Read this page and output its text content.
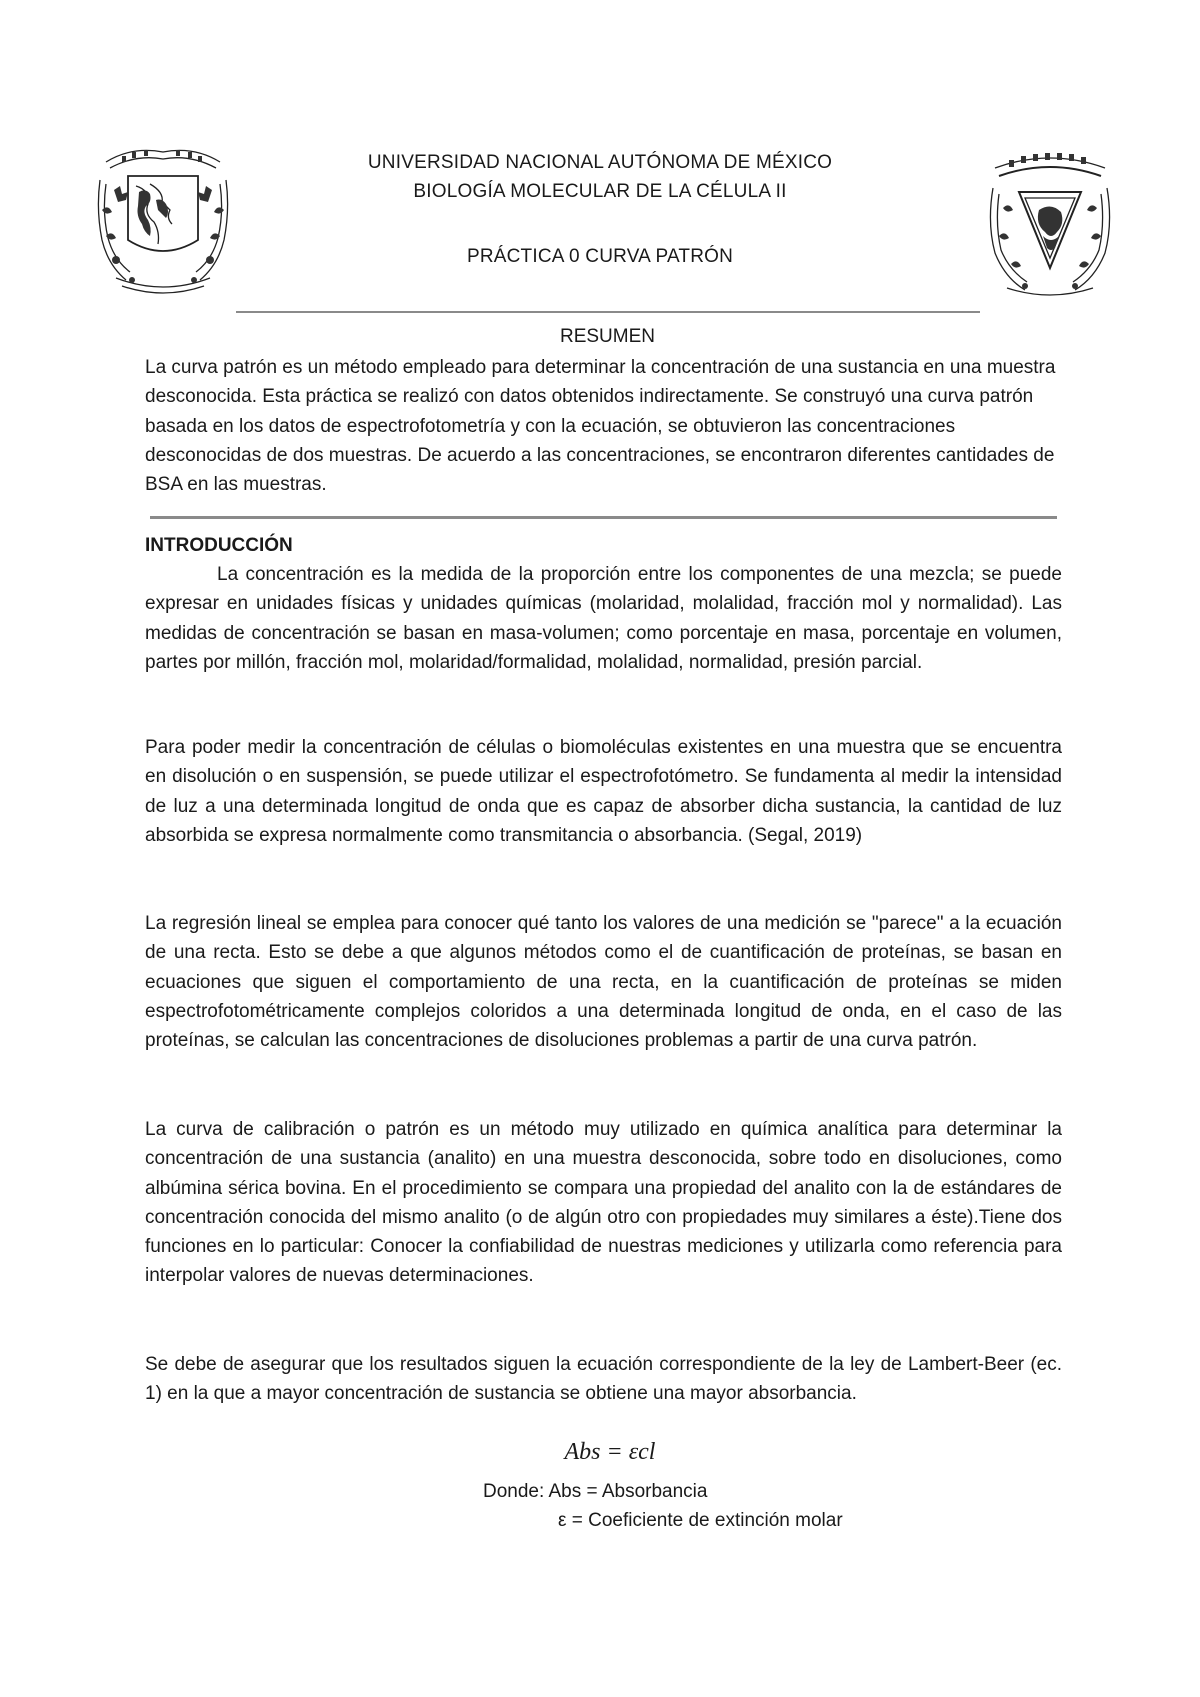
UNIVERSIDAD NACIONAL AUTÓNOMA DE MÉXICO
BIOLOGÍA MOLECULAR DE LA CÉLULA II
PRÁCTICA 0 CURVA PATRÓN
RESUMEN
La curva patrón es un método empleado para determinar la concentración de una sustancia en una muestra desconocida. Esta práctica se realizó con datos obtenidos indirectamente. Se construyó una curva patrón basada en los datos de espectrofotometría y con la ecuación, se obtuvieron las concentraciones desconocidas de dos muestras. De acuerdo a las concentraciones, se encontraron diferentes cantidades de BSA en las muestras.
INTRODUCCIÓN
La concentración es la medida de la proporción entre los componentes de una mezcla; se puede expresar en unidades físicas y unidades químicas (molaridad, molalidad, fracción mol y normalidad). Las medidas de concentración se basan en masa-volumen; como porcentaje en masa, porcentaje en volumen, partes por millón, fracción mol, molaridad/formalidad, molalidad, normalidad, presión parcial.
Para poder medir la concentración de células o biomoléculas existentes en una muestra que se encuentra en disolución o en suspensión, se puede utilizar el espectrofotómetro. Se fundamenta al medir la intensidad de luz a una determinada longitud de onda que es capaz de absorber dicha sustancia, la cantidad de luz absorbida se expresa normalmente como transmitancia o absorbancia. (Segal, 2019)
La regresión lineal se emplea para conocer qué tanto los valores de una medición se "parece" a la ecuación de una recta. Esto se debe a que algunos métodos como el de cuantificación de proteínas, se basan en ecuaciones que siguen el comportamiento de una recta, en la cuantificación de proteínas se miden espectrofotométricamente complejos coloridos a una determinada longitud de onda, en el caso de las proteínas, se calculan las concentraciones de disoluciones problemas a partir de una curva patrón.
La curva de calibración o patrón es un método muy utilizado en química analítica para determinar la concentración de una sustancia (analito) en una muestra desconocida, sobre todo en disoluciones, como albúmina sérica bovina. En el procedimiento se compara una propiedad del analito con la de estándares de concentración conocida del mismo analito (o de algún otro con propiedades muy similares a éste).Tiene dos funciones en lo particular: Conocer la confiabilidad de nuestras mediciones y utilizarla como referencia para interpolar valores de nuevas determinaciones.
Se debe de asegurar que los resultados siguen la ecuación correspondiente de la ley de Lambert-Beer (ec. 1) en la que a mayor concentración de sustancia se obtiene una mayor absorbancia.
Abs = εcl
Donde: Abs = Absorbancia
ε = Coeficiente de extinción molar
